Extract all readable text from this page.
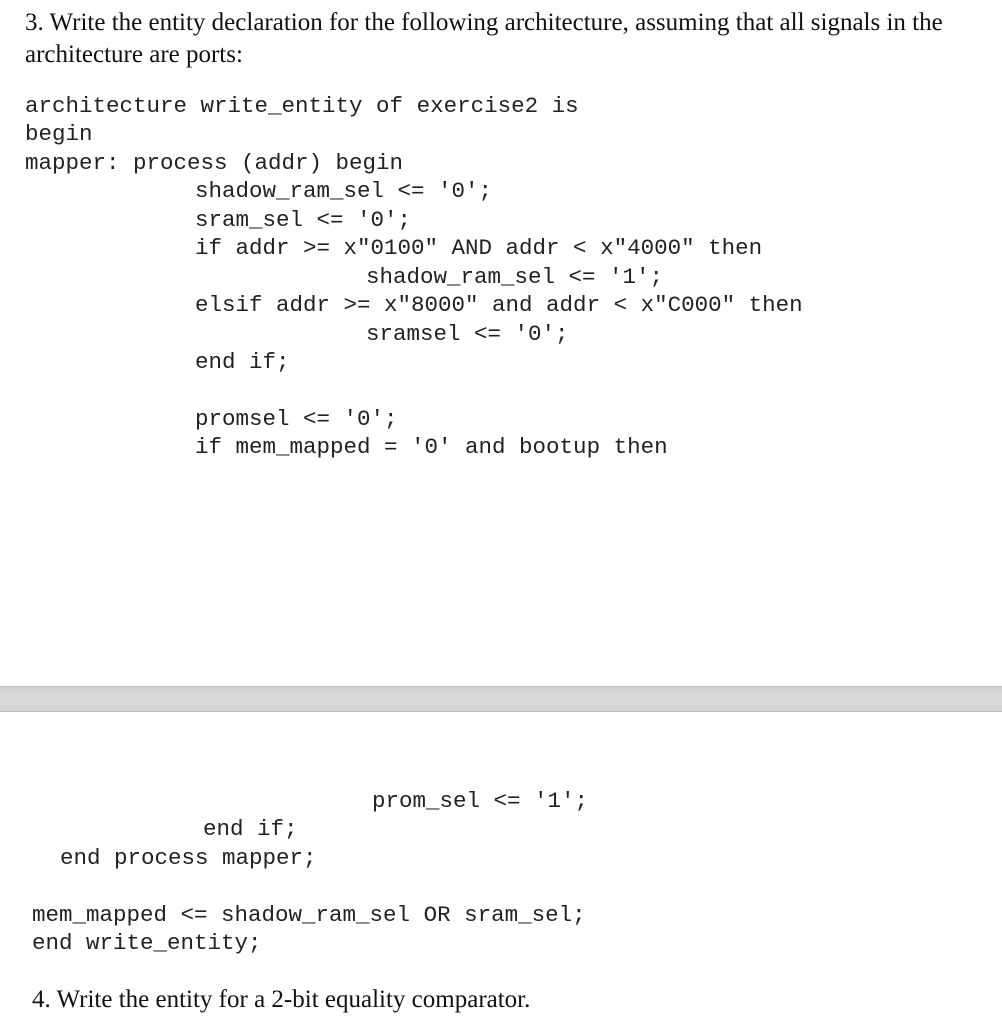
3. Write the entity declaration for the following architecture, assuming that all signals in the

architecture are ports:

architecture write_entity of exercise2 is
begin
mapper: process (addr) begin
shadow_ram_sel <= '0';
sram_sel <= '0';
if addr >= x"0100" AND addr < x"4000" then
shadow_ram_sel <= '1';
elsif addr >= x"8000" and addr < x"C000" then
sramsel <= '0';
end if;
promsel <= '0';
if mem_mapped = '0' and bootup then
prom_sel <= '1';
end if;
end process mapper;
mem_mapped <= shadow_ram_sel OR sram_sel;
end write_entity;

4. Write the entity for a 2-bit equality comparator.
